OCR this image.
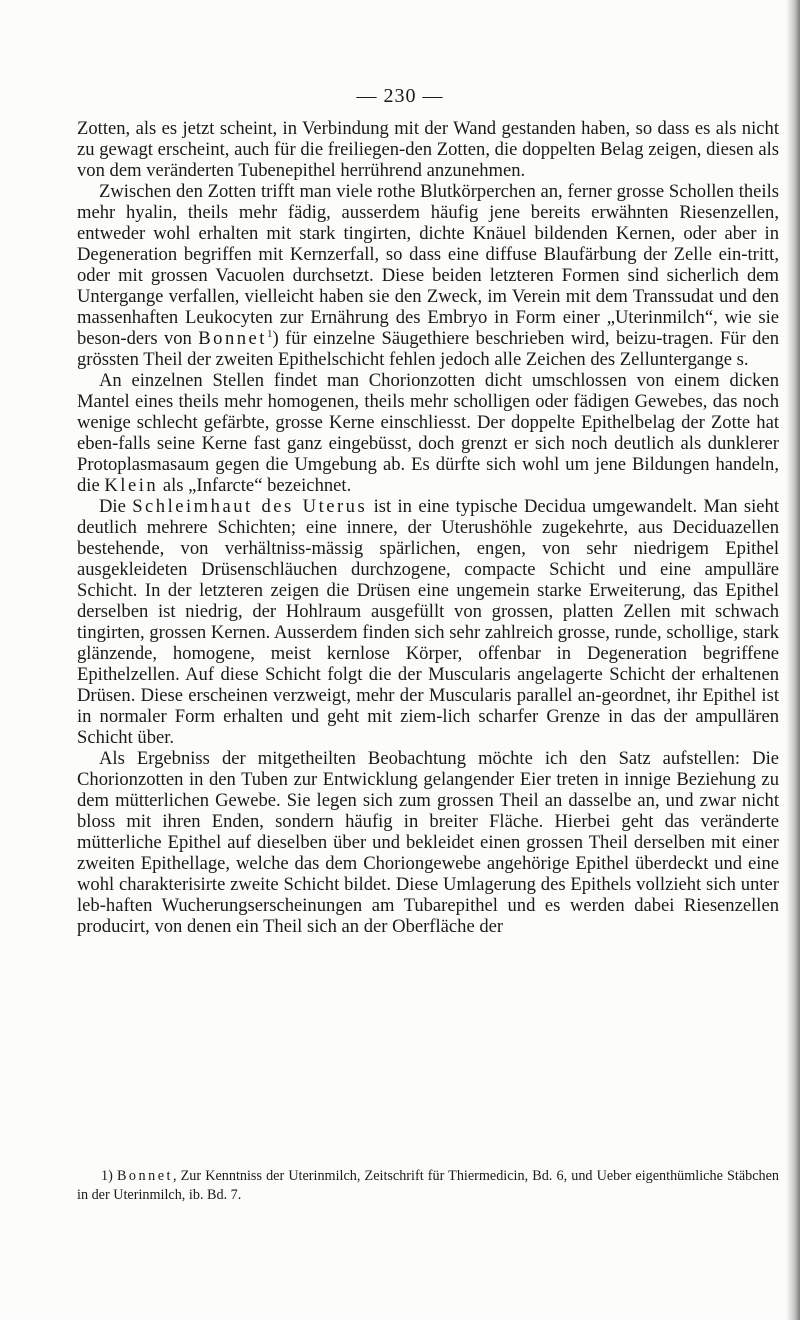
— 230 —

Zotten, als es jetzt scheint, in Verbindung mit der Wand gestanden haben, so dass es als nicht zu gewagt erscheint, auch für die freiliegen-den Zotten, die doppelten Belag zeigen, diesen als von dem veränderten Tubenepithel herrührend anzunehmen.

Zwischen den Zotten trifft man viele rothe Blutkörperchen an, ferner grosse Schollen theils mehr hyalin, theils mehr fädig, ausserdem häufig jene bereits erwähnten Riesenzellen, entweder wohl erhalten mit stark tingirten, dichte Knäuel bildenden Kernen, oder aber in Degeneration begriffen mit Kernzerfall, so dass eine diffuse Blaufärbung der Zelle ein-tritt, oder mit grossen Vacuolen durchsetzt. Diese beiden letzteren Formen sind sicherlich dem Untergange verfallen, vielleicht haben sie den Zweck, im Verein mit dem Transsudat und den massenhaften Leukocyten zur Ernährung des Embryo in Form einer „Uterinmilch“, wie sie beson-ders von Bonnet$^1$) für einzelne Säugethiere beschrieben wird, beizu-tragen. Für den grössten Theil der zweiten Epithelschicht fehlen jedoch alle Zeichen des Zelluntergange s.

An einzelnen Stellen findet man Chorionzotten dicht umschlossen von einem dicken Mantel eines theils mehr homogenen, theils mehr scholligen oder fädigen Gewebes, das noch wenige schlecht gefärbte, grosse Kerne einschliesst. Der doppelte Epithelbelag der Zotte hat eben-falls seine Kerne fast ganz eingebüsst, doch grenzt er sich noch deutlich als dunklerer Protoplasmasaum gegen die Umgebung ab. Es dürfte sich wohl um jene Bildungen handeln, die Klein als „Infarcte“ bezeichnet.

Die Schleimhaut des Uterus ist in eine typische Decidua umgewandelt. Man sieht deutlich mehrere Schichten; eine innere, der Uterushöhle zugekehrte, aus Deciduazellen bestehende, von verhältniss-mässig spärlichen, engen, von sehr niedrigem Epithel ausgekleideten Drüsenschläuchen durchzogene, compacte Schicht und eine ampulläre Schicht. In der letzteren zeigen die Drüsen eine ungemein starke Erweiterung, das Epithel derselben ist niedrig, der Hohlraum ausgefüllt von grossen, platten Zellen mit schwach tingirten, grossen Kernen. Ausserdem finden sich sehr zahlreich grosse, runde, schollige, stark glänzende, homogene, meist kernlose Körper, offenbar in Degeneration begriffene Epithelzellen. Auf diese Schicht folgt die der Muscularis angelagerte Schicht der erhaltenen Drüsen. Diese erscheinen verzweigt, mehr der Muscularis parallel an-geordnet, ihr Epithel ist in normaler Form erhalten und geht mit ziem-lich scharfer Grenze in das der ampullären Schicht über.

Als Ergebniss der mitgetheilten Beobachtung möchte ich den Satz aufstellen: Die Chorionzotten in den Tuben zur Entwicklung gelangender Eier treten in innige Beziehung zu dem mütterlichen Gewebe. Sie legen sich zum grossen Theil an dasselbe an, und zwar nicht bloss mit ihren Enden, sondern häufig in breiter Fläche. Hierbei geht das veränderte mütterliche Epithel auf dieselben über und bekleidet einen grossen Theil derselben mit einer zweiten Epithellage, welche das dem Choriongewebe angehörige Epithel überdeckt und eine wohl charakterisirte zweite Schicht bildet. Diese Umlagerung des Epithels vollzieht sich unter leb-haften Wucherungserscheinungen am Tubarepithel und es werden dabei Riesenzellen producirt, von denen ein Theil sich an der Oberfläche der

1) Bonnet, Zur Kenntniss der Uterinmilch, Zeitschrift für Thiermedicin, Bd. 6, und Ueber eigenthümliche Stäbchen in der Uterinmilch, ib. Bd. 7.
